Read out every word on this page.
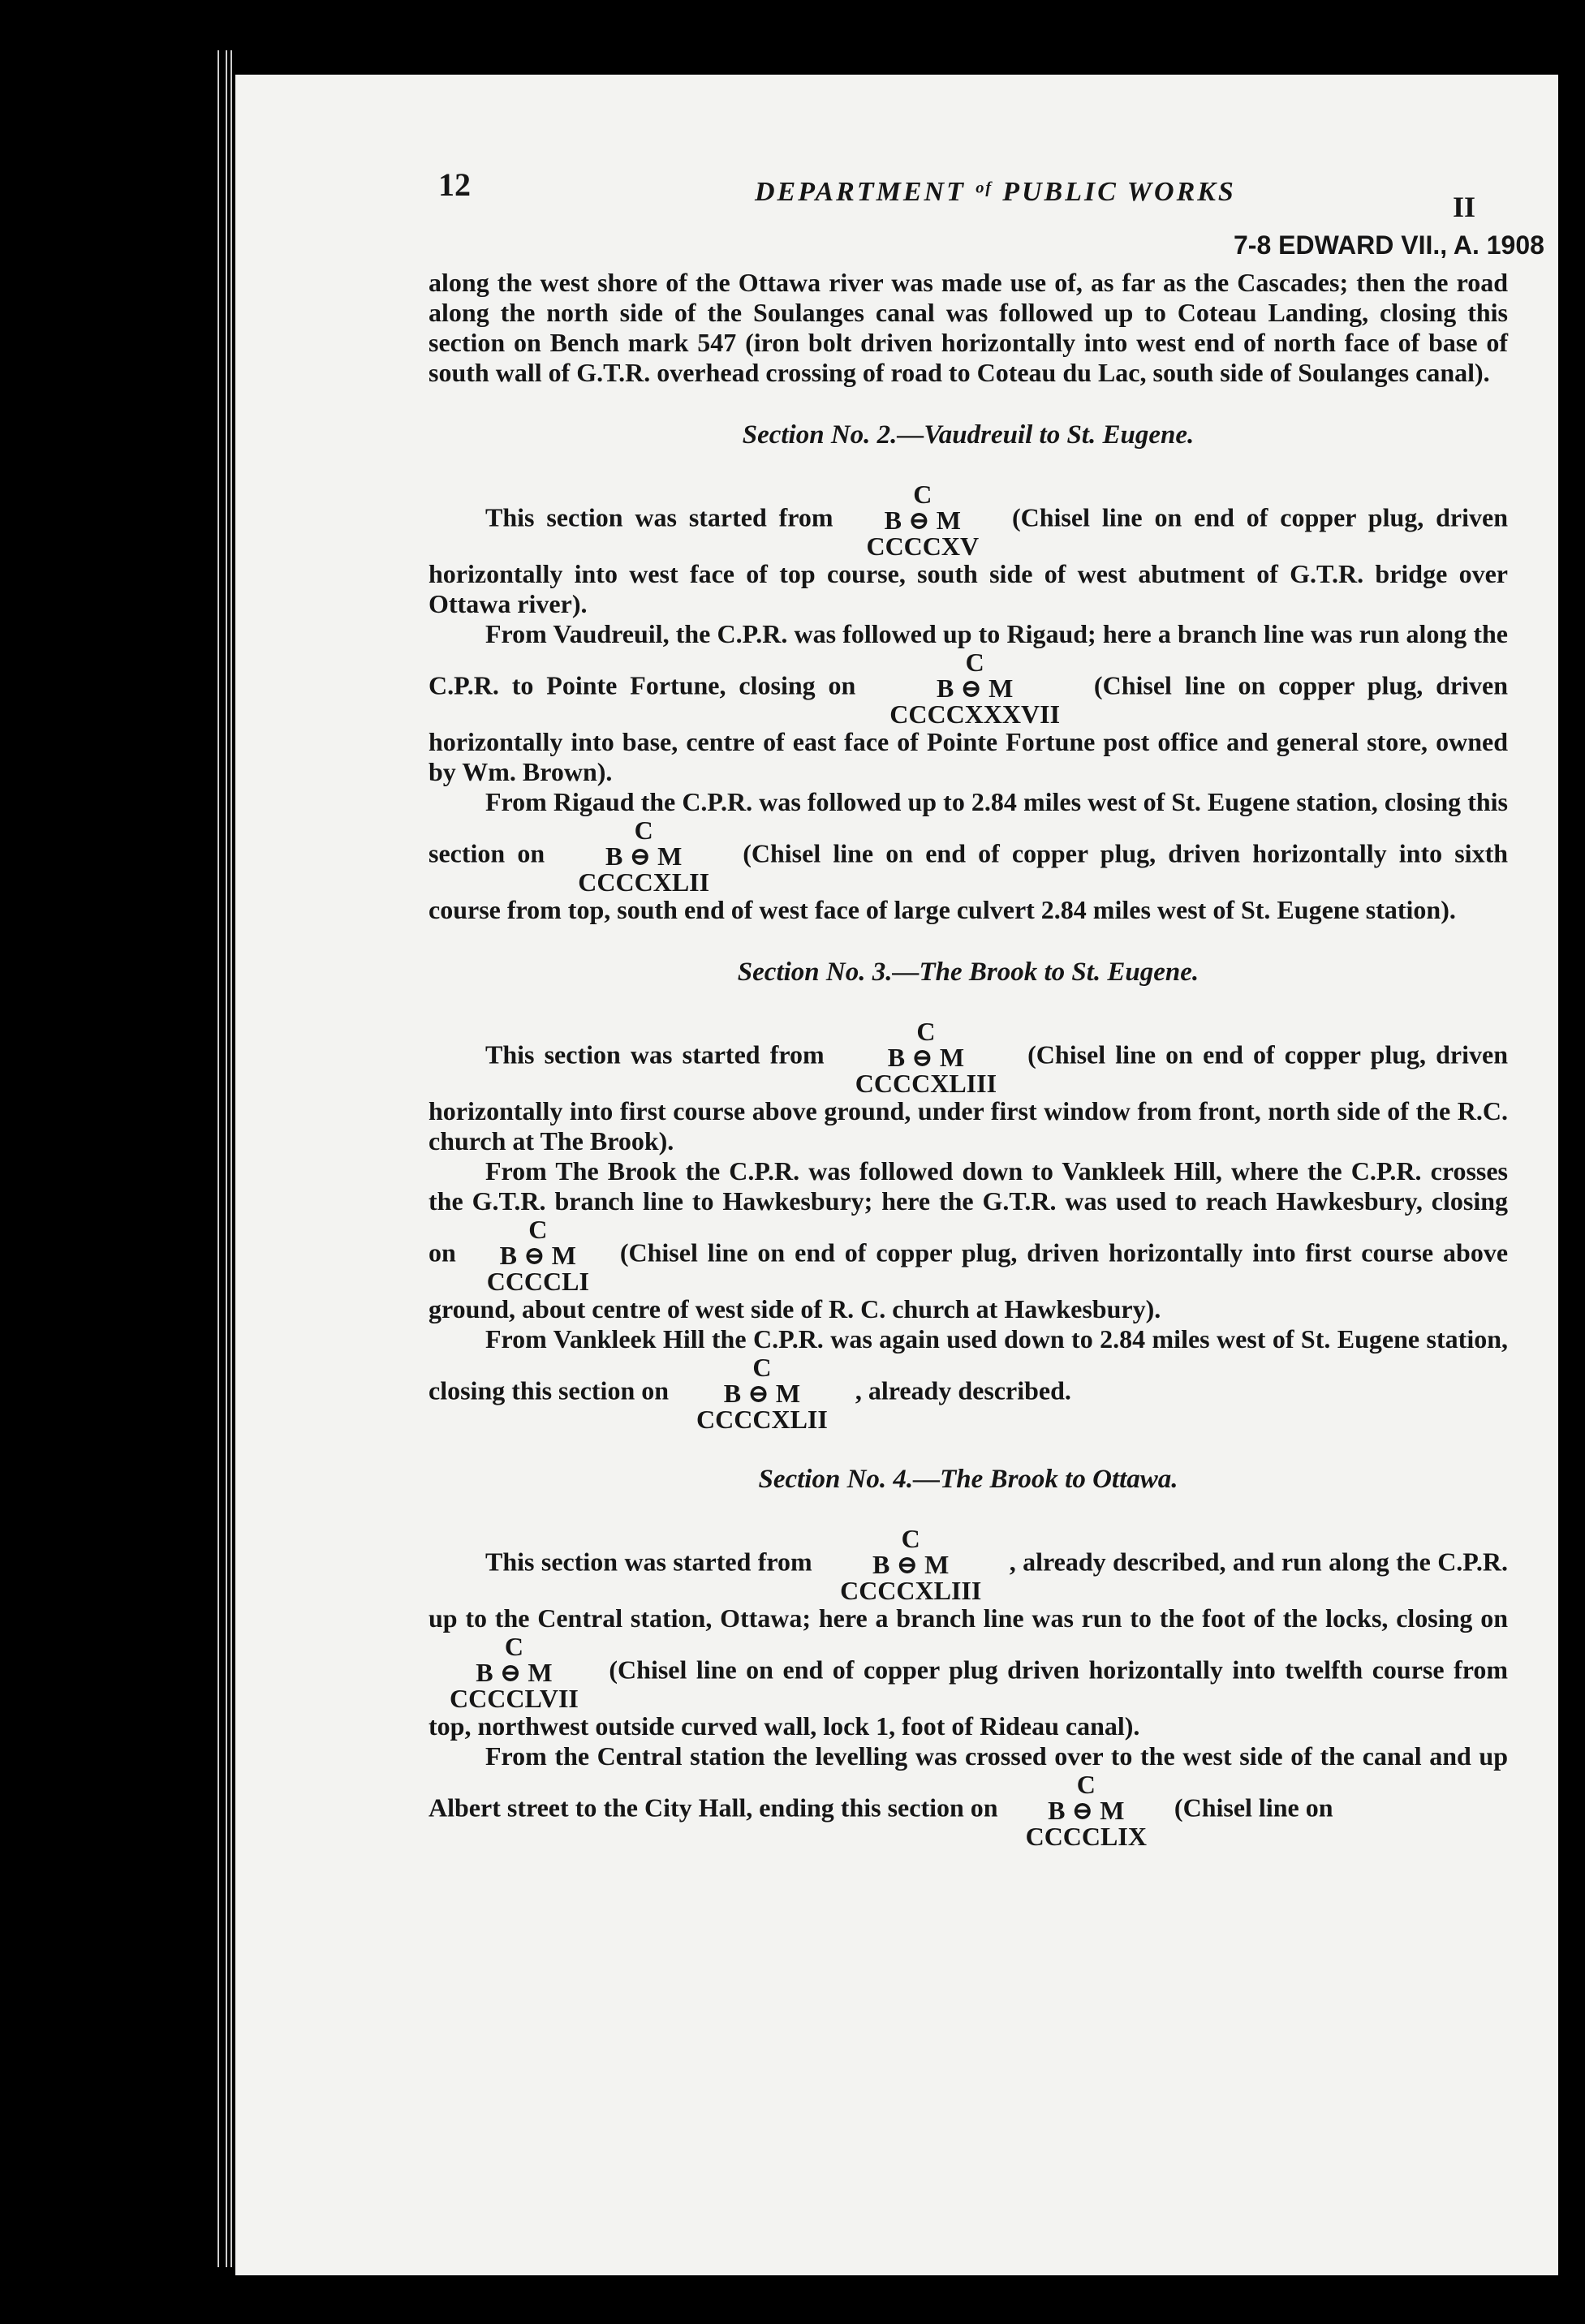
12	DEPARTMENT ᵒᶠ PUBLIC WORKS	II
7-8 EDWARD VII., A. 1908

along the west shore of the Ottawa river was made use of, as far as the Cascades; then the road along the north side of the Soulanges canal was followed up to Coteau Landing, closing this section on Bench mark 547 (iron bolt driven horizontally into west end of north face of base of south wall of G.T.R. overhead crossing of road to Coteau du Lac, south side of Soulanges canal).

Section No. 2.—Vaudreuil to St. Eugene.

This section was started from
C
B ⊖ M
CCCCXV
(Chisel line on end of copper plug, driven horizontally into west face of top course, south side of west abutment of G.T.R. bridge over Ottawa river).

From Vaudreuil, the C.P.R. was followed up to Rigaud; here a branch line was run along the C.P.R. to Pointe Fortune, closing on
C
B ⊖ M
CCCCXXXVII
(Chisel line on copper plug, driven horizontally into base, centre of east face of Pointe Fortune post office and general store, owned by Wm. Brown).

From Rigaud the C.P.R. was followed up to 2.84 miles west of St. Eugene station, closing this section on
C
B ⊖ M
CCCCXLII
(Chisel line on end of copper plug, driven horizontally into sixth course from top, south end of west face of large culvert 2.84 miles west of St. Eugene station).

Section No. 3.—The Brook to St. Eugene.

This section was started from
C
B ⊖ M
CCCCXLIII
(Chisel line on end of copper plug, driven horizontally into first course above ground, under first window from front, north side of the R.C. church at The Brook).

From The Brook the C.P.R. was followed down to Vankleek Hill, where the C.P.R. crosses the G.T.R. branch line to Hawkesbury; here the G.T.R. was used to reach Hawkesbury, closing on
C
B ⊖ M
CCCCLI
(Chisel line on end of copper plug, driven horizontally into first course above ground, about centre of west side of R. C. church at Hawkesbury).

From Vankleek Hill the C.P.R. was again used down to 2.84 miles west of St. Eugene station, closing this section on
C
B ⊖ M
CCCCXLII
, already described.

Section No. 4.—The Brook to Ottawa.

This section was started from
C
B ⊖ M
CCCCXLIII
, already described, and run along the C.P.R. up to the Central station, Ottawa; here a branch line was run to the foot of the locks, closing on
C
B ⊖ M
CCCCLVII
(Chisel line on end of copper plug driven horizontally into twelfth course from top, northwest outside curved wall, lock 1, foot of Rideau canal).

From the Central station the levelling was crossed over to the west side of the canal and up Albert street to the City Hall, ending this section on
C
B ⊖ M
CCCCLIX
(Chisel line on
